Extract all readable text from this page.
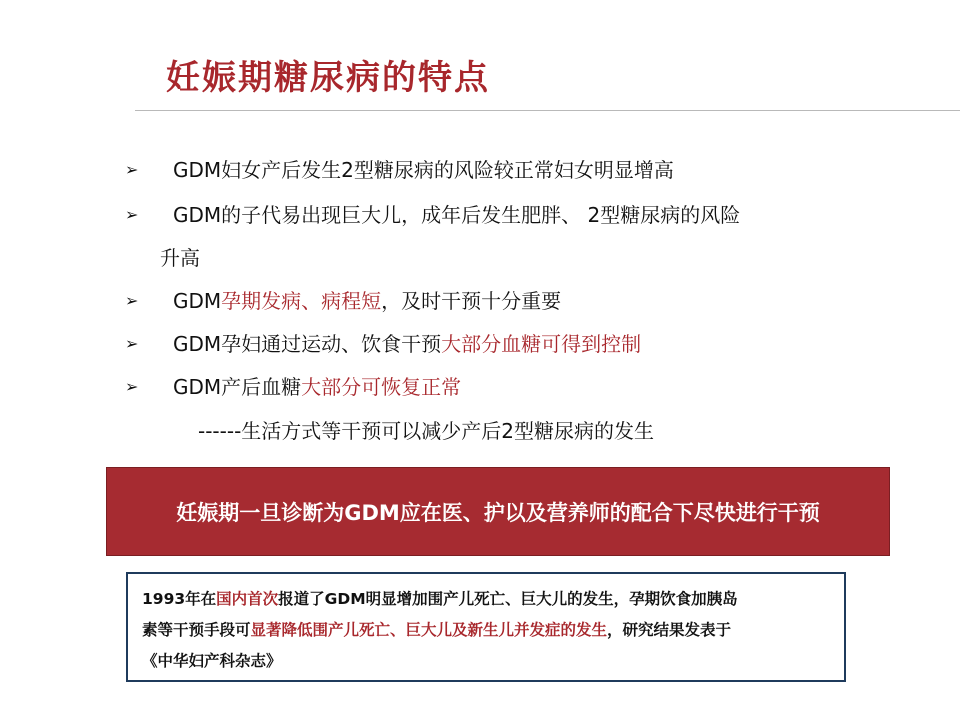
妊娠期糖尿病的特点
➢ GDM妇女产后发生2型糖尿病的风险较正常妇女明显增高
➢ GDM的子代易出现巨大儿，成年后发生肥胖、 2型糖尿病的风险
升高
➢ GDM孕期发病、病程短，及时干预十分重要
➢ GDM孕妇通过运动、饮食干预大部分血糖可得到控制
➢ GDM产后血糖大部分可恢复正常
------生活方式等干预可以减少产后2型糖尿病的发生
妊娠期一旦诊断为GDM应在医、护以及营养师的配合下尽快进行干预
1993年在国内首次报道了GDM明显增加围产儿死亡、巨大儿的发生，孕期饮食加胰岛
素等干预手段可显著降低围产儿死亡、巨大儿及新生儿并发症的发生，研究结果发表于
《中华妇产科杂志》
